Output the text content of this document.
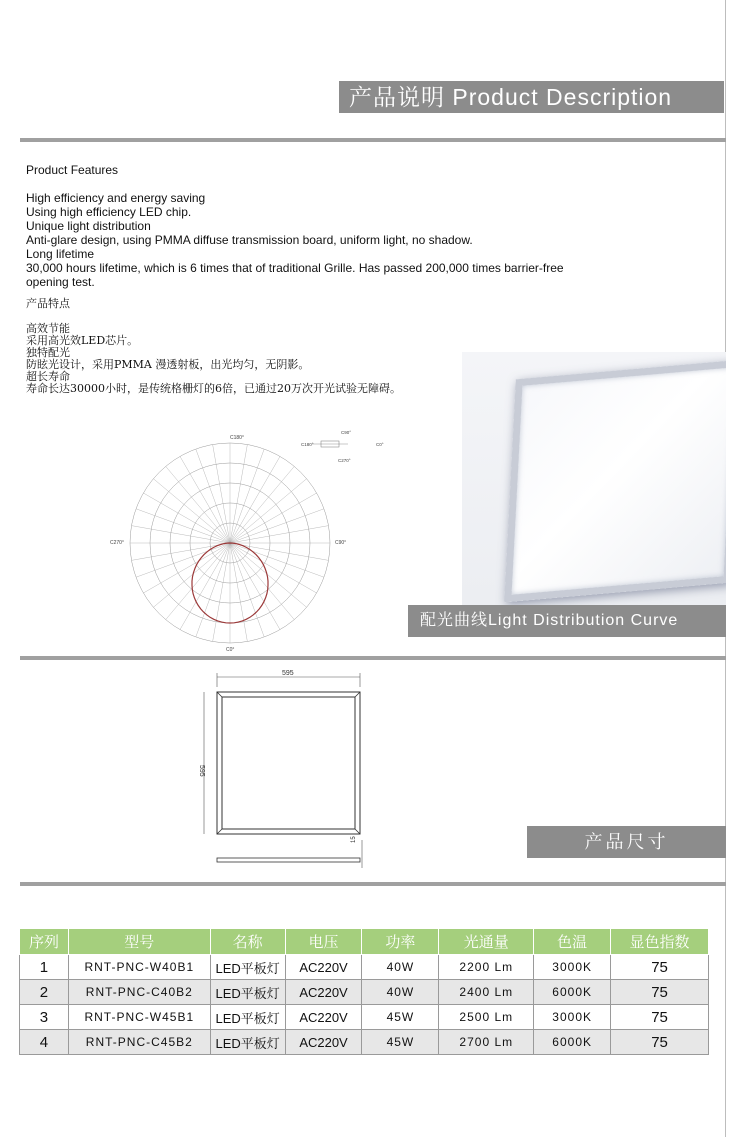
产品说明 Product Description
Product Features
High efficiency and energy saving
Using high efficiency LED chip.
Unique light distribution
Anti-glare design, using PMMA diffuse transmission board, uniform light, no shadow.
Long lifetime
30,000 hours lifetime, which is 6 times that of traditional Grille. Has passed 200,000 times barrier-free
opening test.
产品特点
高效节能
采用高光效LED芯片。
独特配光
防眩光设计，采用PMMA 漫透射板，出光均匀，无阴影。
超长寿命
寿命长达30000小时，是传统格栅灯的6倍，已通过20万次开光试验无障碍。
C180°
C0°
C270°	C90°
C90°
C180°	C0°
C270°
配光曲线Light Distribution Curve
595
595
15	产品尺寸
序列	型号	名称	电压	功率	光通量	色温	显色指数
1	RNT-PNC-W40B1	LED平板灯	AC220V	40W	2200 Lm	3000K	75
2	RNT-PNC-C40B2	LED平板灯	AC220V	40W	2400 Lm	6000K	75
3	RNT-PNC-W45B1	LED平板灯	AC220V	45W	2500 Lm	3000K	75
4	RNT-PNC-C45B2	LED平板灯	AC220V	45W	2700 Lm	6000K	75
